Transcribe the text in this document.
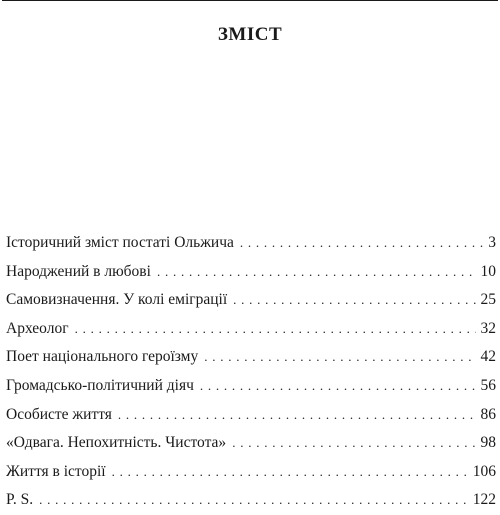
ЗМІСТ
Історичний зміст постаті Ольжича . . .	3
Народжений в любові . . .	10
Самовизначення. У колі еміграції . . .	25
Археолог . . .	32
Поет національного героїзму . . .	42
Громадсько-політичний діяч . . .	56
Особисте життя . . .	86
«Одвага. Непохитність. Чистота» . . .	98
Життя в історії . . .	106
P. S. . . .	122
